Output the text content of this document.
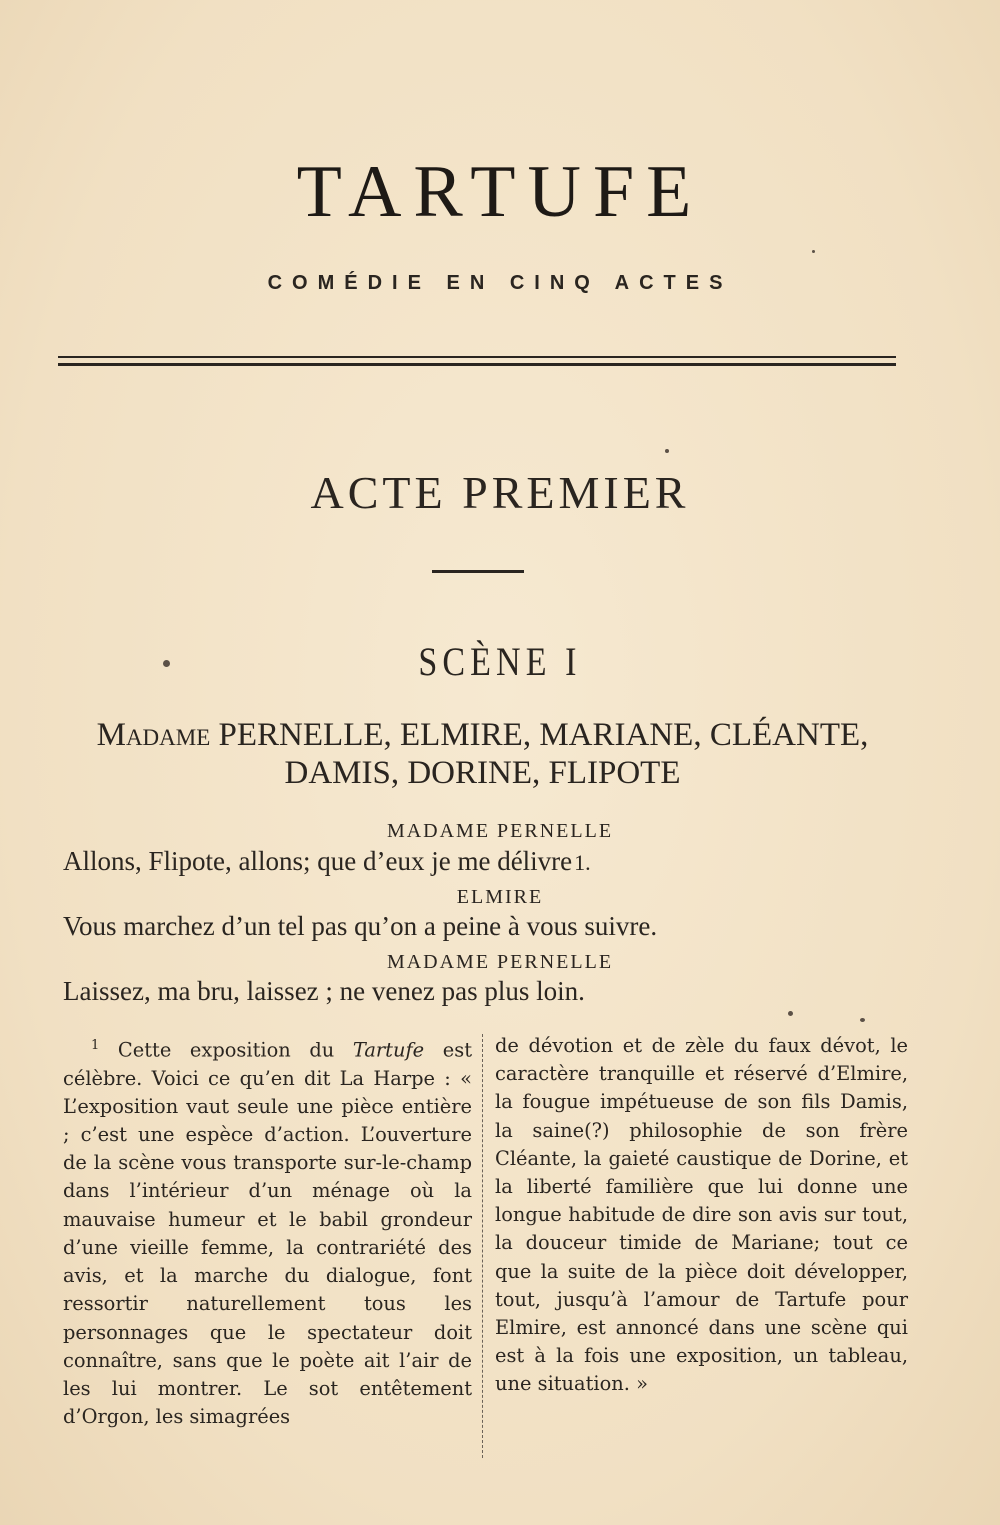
TARTUFE
COMÉDIE EN CINQ ACTES
ACTE PREMIER
SCÈNE I
Madame PERNELLE, ELMIRE, MARIANE, CLÉANTE,
DAMIS, DORINE, FLIPOTE
MADAME PERNELLE
Allons, Flipote, allons; que d’eux je me délivre1.
ELMIRE
Vous marchez d’un tel pas qu’on a peine à vous suivre.
MADAME PERNELLE
Laissez, ma bru, laissez ; ne venez pas plus loin.
$^1$ Cette exposition du Tartufe est célèbre. Voici ce qu’en dit La Harpe : « L’exposition vaut seule une pièce entière ; c’est une espèce d’action. L’ouverture de la scène vous transporte sur-le-champ dans l’intérieur d’un ménage où la mauvaise humeur et le babil grondeur d’une vieille femme, la contrariété des avis, et la marche du dialogue, font ressortir naturellement tous les personnages que le spectateur doit connaître, sans que le poète ait l’air de les lui montrer. Le sot entêtement d’Orgon, les simagrées
de dévotion et de zèle du faux dévot, le caractère tranquille et réservé d’Elmire, la fougue impétueuse de son fils Damis, la saine(?) philosophie de son frère Cléante, la gaieté caustique de Dorine, et la liberté familière que lui donne une longue habitude de dire son avis sur tout, la douceur timide de Mariane; tout ce que la suite de la pièce doit développer, tout, jusqu’à l’amour de Tartufe pour Elmire, est annoncé dans une scène qui est à la fois une exposition, un tableau, une situation. »
